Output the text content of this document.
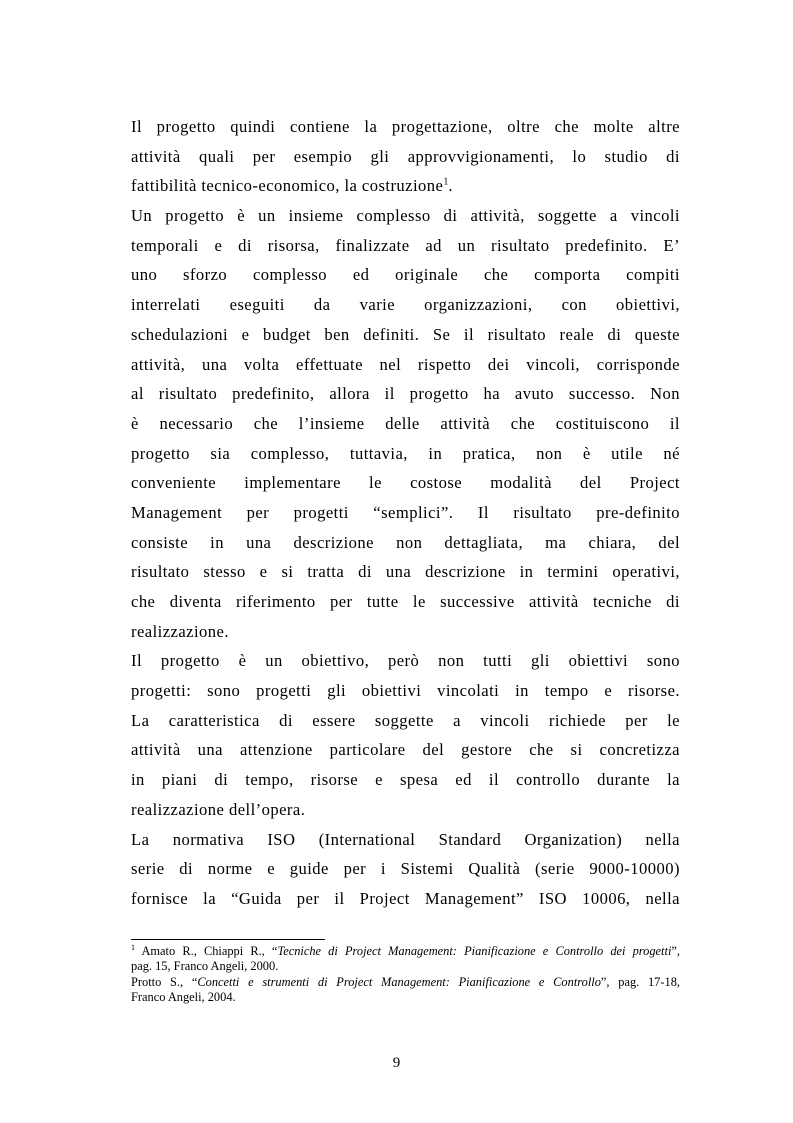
Il progetto quindi contiene la progettazione, oltre che molte altre
attività quali per esempio gli approvvigionamenti, lo studio di
fattibilità tecnico-economico, la costruzione$^1$.
Un progetto è un insieme complesso di attività, soggette a vincoli
temporali e di risorsa, finalizzate ad un risultato predefinito. E’
uno sforzo complesso ed originale che comporta compiti
interrelati eseguiti da varie organizzazioni, con obiettivi,
schedulazioni e budget ben definiti. Se il risultato reale di queste
attività, una volta effettuate nel rispetto dei vincoli, corrisponde
al risultato predefinito, allora il progetto ha avuto successo. Non
è necessario che l’insieme delle attività che costituiscono il
progetto sia complesso, tuttavia, in pratica, non è utile né
conveniente implementare le costose modalità del Project
Management per progetti “semplici”. Il risultato pre-definito
consiste in una descrizione non dettagliata, ma chiara, del
risultato stesso e si tratta di una descrizione in termini operativi,
che diventa riferimento per tutte le successive attività tecniche di
realizzazione.
Il progetto è un obiettivo, però non tutti gli obiettivi sono
progetti: sono progetti gli obiettivi vincolati in tempo e risorse.
La caratteristica di essere soggette a vincoli richiede per le
attività una attenzione particolare del gestore che si concretizza
in piani di tempo, risorse e spesa ed il controllo durante la
realizzazione dell’opera.
La normativa ISO (International Standard Organization) nella
serie di norme e guide per i Sistemi Qualità (serie 9000-10000)
fornisce la “Guida per il Project Management” ISO 10006, nella
$^1$ Amato R., Chiappi R., “Tecniche di Project Management: Pianificazione e Controllo dei progetti”,
pag. 15, Franco Angeli, 2000.
Protto S., “Concetti e strumenti di Project Management: Pianificazione e Controllo”, pag. 17-18,
Franco Angeli, 2004.
9
